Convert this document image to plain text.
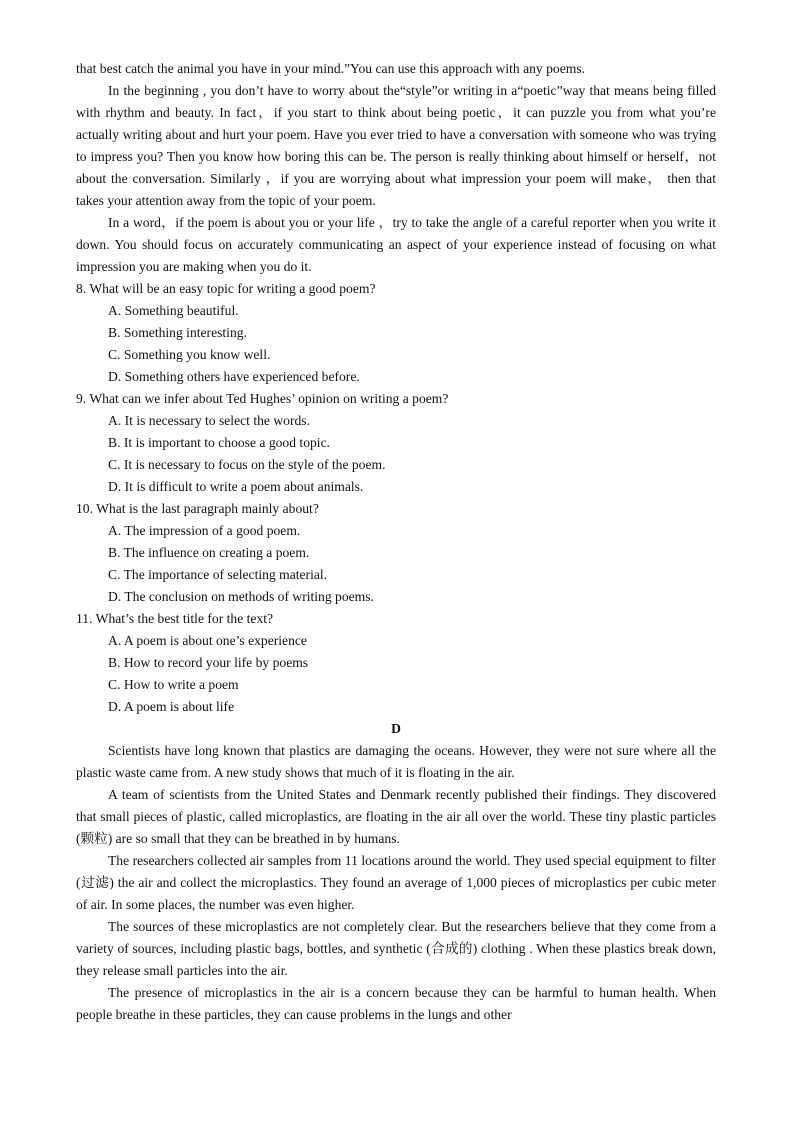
that best catch the animal you have in your mind.”You can use this approach with any poems.

In the beginning , you don’t have to worry about the“style”or writing in a“poetic”way that means being filled with rhythm and beauty. In fact，if you start to think about being poetic，it can puzzle you from what you’re actually writing about and hurt your poem. Have you ever tried to have a conversation with someone who was trying to impress you? Then you know how boring this can be. The person is really thinking about himself or herself，not about the conversation. Similarly ，if you are worrying about what impression your poem will make， then that takes your attention away from the topic of your poem.

In a word，if the poem is about you or your life ，try to take the angle of a careful reporter when you write it down. You should focus on accurately communicating an aspect of your experience instead of focusing on what impression you are making when you do it.

8. What will be an easy topic for writing a good poem?

A. Something beautiful.

B. Something interesting.

C. Something you know well.

D. Something others have experienced before.

9. What can we infer about Ted Hughes’ opinion on writing a poem?

A. It is necessary to select the words.

B. It is important to choose a good topic.

C. It is necessary to focus on the style of the poem.

D. It is difficult to write a poem about animals.

10. What is the last paragraph mainly about?

A. The impression of a good poem.

B. The influence on creating a poem.

C. The importance of selecting material.

D. The conclusion on methods of writing poems.

11. What’s the best title for the text?

A. A poem is about one’s experience

B. How to record your life by poems

C. How to write a poem

D. A poem is about life

D

Scientists have long known that plastics are damaging the oceans. However, they were not sure where all the plastic waste came from. A new study shows that much of it is floating in the air.

A team of scientists from the United States and Denmark recently published their findings. They discovered that small pieces of plastic, called microplastics, are floating in the air all over the world. These tiny plastic particles (颗粒) are so small that they can be breathed in by humans.

The researchers collected air samples from 11 locations around the world. They used special equipment to filter (过滤) the air and collect the microplastics. They found an average of 1,000 pieces of microplastics per cubic meter of air. In some places, the number was even higher.

The sources of these microplastics are not completely clear. But the researchers believe that they come from a variety of sources, including plastic bags, bottles, and synthetic (合成的) clothing . When these plastics break down, they release small particles into the air.

The presence of microplastics in the air is a concern because they can be harmful to human health. When people breathe in these particles, they can cause problems in the lungs and other
